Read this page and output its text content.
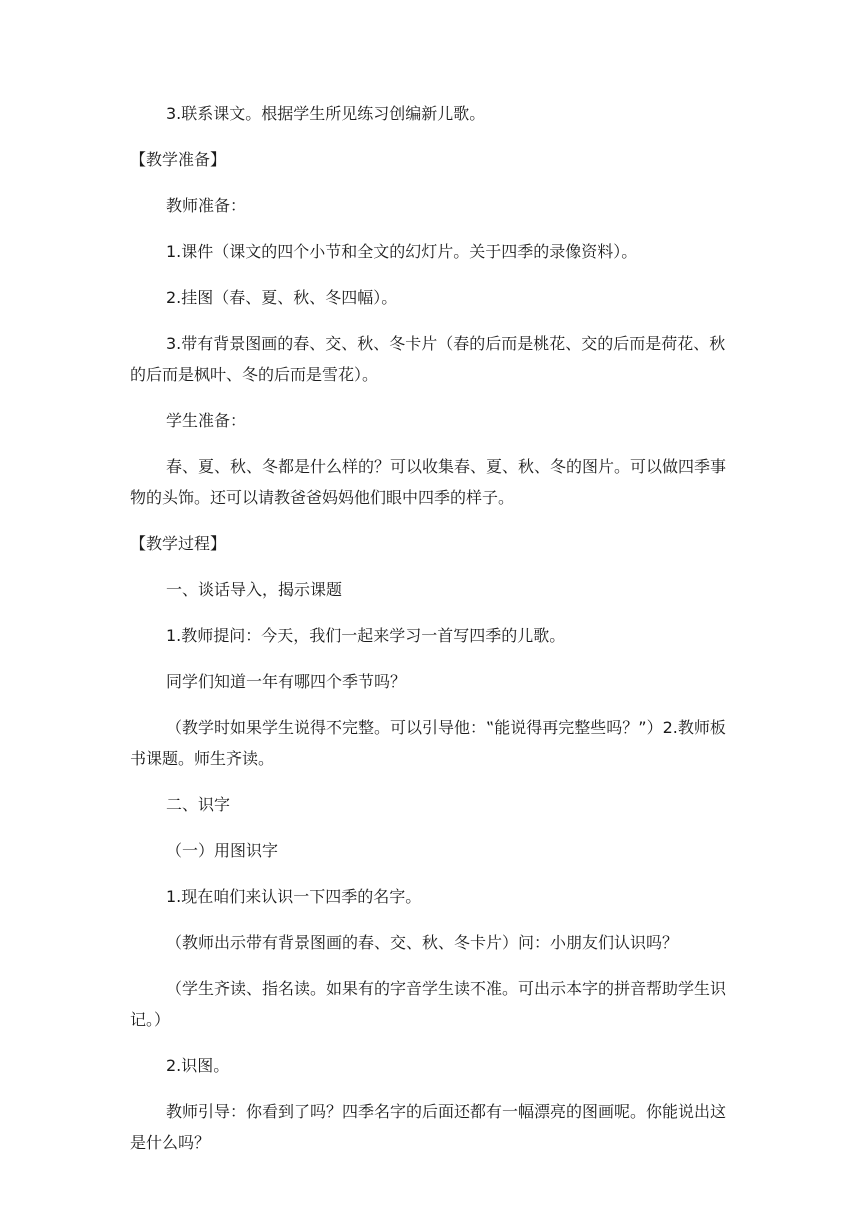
3.联系课文。根据学生所见练习创编新儿歌。

【教学准备】

教师准备：

1.课件（课文的四个小节和全文的幻灯片。关于四季的录像资料）。

2.挂图（春、夏、秋、冬四幅）。

3.带有背景图画的春、交、秋、冬卡片（春的后而是桃花、交的后而是荷花、秋的后而是枫叶、冬的后而是雪花）。

学生准备：

春、夏、秋、冬都是什么样的？可以收集春、夏、秋、冬的图片。可以做四季事物的头饰。还可以请教爸爸妈妈他们眼中四季的样子。

【教学过程】

一、谈话导入，揭示课题

1.教师提问：今天，我们一起来学习一首写四季的儿歌。

同学们知道一年有哪四个季节吗？

（教学时如果学生说得不完整。可以引导他：‟能说得再完整些吗？”）2.教师板书课题。师生齐读。

二、识字

（一）用图识字

1.现在咱们来认识一下四季的名字。

（教师出示带有背景图画的春、交、秋、冬卡片）问：小朋友们认识吗？

（学生齐读、指名读。如果有的字音学生读不准。可出示本字的拼音帮助学生识记。）

2.识图。

教师引导：你看到了吗？四季名字的后面还都有一幅漂亮的图画呢。你能说出这是什么吗？
